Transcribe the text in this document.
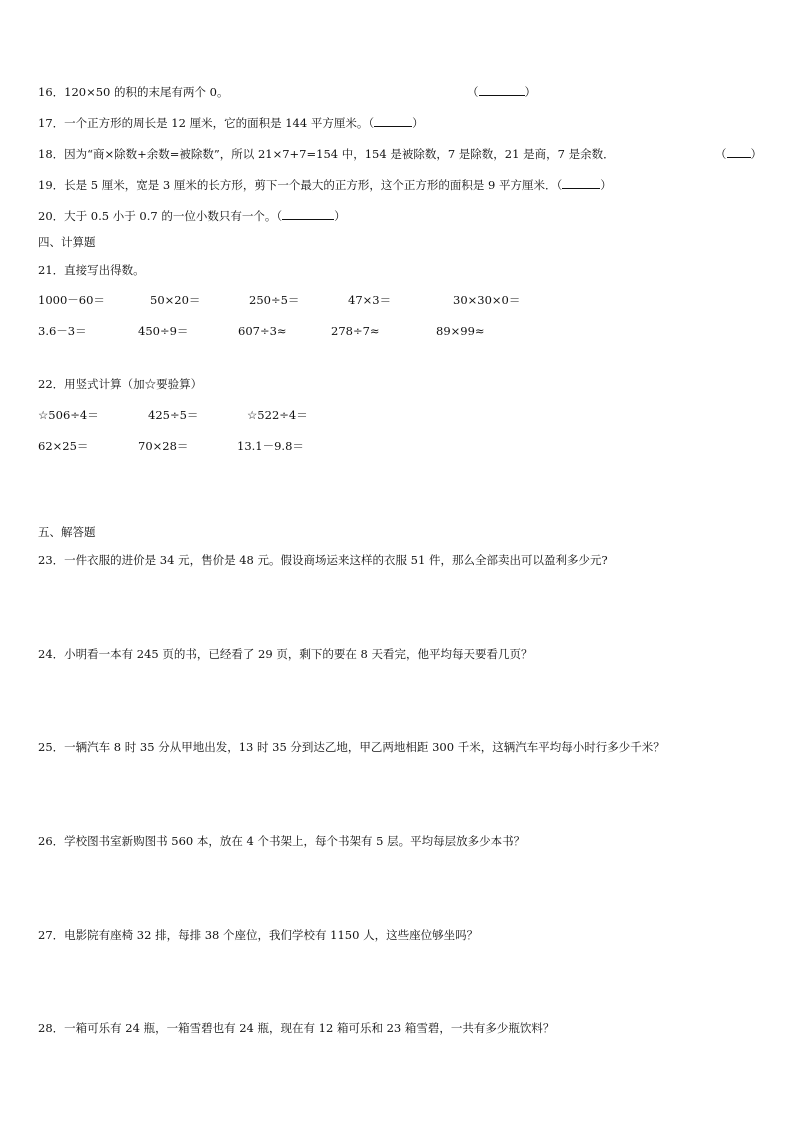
16．120×50 的积的末尾有两个 0。	（	）
17．一个正方形的周长是 12 厘米，它的面积是 144 平方厘米。（	）
18．因为“商×除数+余数=被除数”，所以 21×7+7=154 中，154 是被除数，7 是除数，21 是商，7 是余数．	（ ）
19．长是 5 厘米，宽是 3 厘米的长方形，剪下一个最大的正方形，这个正方形的面积是 9 平方厘米．（	）
20．大于 0.5 小于 0.7 的一位小数只有一个。（	）
四、计算题
21．直接写出得数。
1000－60＝	50×20＝	250÷5＝	47×3＝	30×30×0＝
3.6－3＝	450÷9＝	607÷3≈	278÷7≈	89×99≈
22．用竖式计算（加☆要验算）
☆506÷4＝	425÷5＝	☆522÷4＝
62×25＝	70×28＝	13.1－9.8＝
五、解答题
23．一件衣服的进价是 34 元，售价是 48 元。假设商场运来这样的衣服 51 件，那么全部卖出可以盈利多少元?
24．小明看一本有 245 页的书，已经看了 29 页，剩下的要在 8 天看完，他平均每天要看几页？
25．一辆汽车 8 时 35 分从甲地出发，13 时 35 分到达乙地，甲乙两地相距 300 千米，这辆汽车平均每小时行多少千米？
26．学校图书室新购图书 560 本，放在 4 个书架上，每个书架有 5 层。平均每层放多少本书？
27．电影院有座椅 32 排，每排 38 个座位，我们学校有 1150 人，这些座位够坐吗？
28．一箱可乐有 24 瓶，一箱雪碧也有 24 瓶，现在有 12 箱可乐和 23 箱雪碧，一共有多少瓶饮料？
